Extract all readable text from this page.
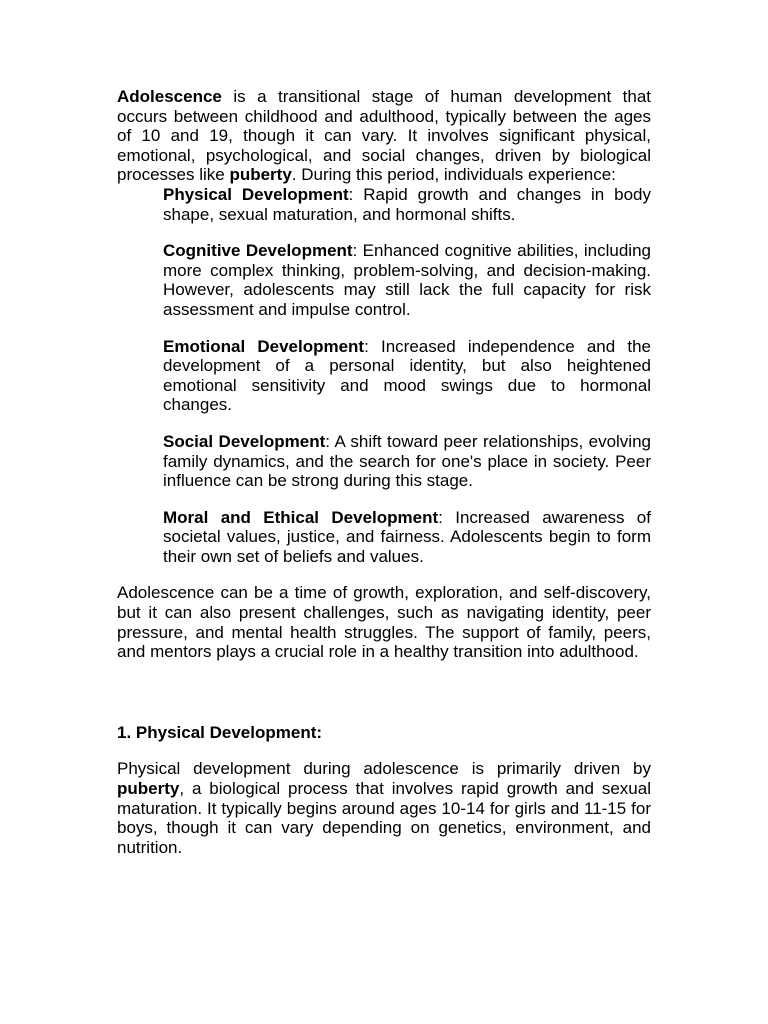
Adolescence is a transitional stage of human development that occurs between childhood and adulthood, typically between the ages of 10 and 19, though it can vary. It involves significant physical, emotional, psychological, and social changes, driven by biological processes like puberty. During this period, individuals experience:

Physical Development: Rapid growth and changes in body shape, sexual maturation, and hormonal shifts.

Cognitive Development: Enhanced cognitive abilities, including more complex thinking, problem-solving, and decision-making. However, adolescents may still lack the full capacity for risk assessment and impulse control.

Emotional Development: Increased independence and the development of a personal identity, but also heightened emotional sensitivity and mood swings due to hormonal changes.

Social Development: A shift toward peer relationships, evolving family dynamics, and the search for one's place in society. Peer influence can be strong during this stage.

Moral and Ethical Development: Increased awareness of societal values, justice, and fairness. Adolescents begin to form their own set of beliefs and values.

Adolescence can be a time of growth, exploration, and self-discovery, but it can also present challenges, such as navigating identity, peer pressure, and mental health struggles. The support of family, peers, and mentors plays a crucial role in a healthy transition into adulthood.

1. Physical Development:

Physical development during adolescence is primarily driven by puberty, a biological process that involves rapid growth and sexual maturation. It typically begins around ages 10-14 for girls and 11-15 for boys, though it can vary depending on genetics, environment, and nutrition.
